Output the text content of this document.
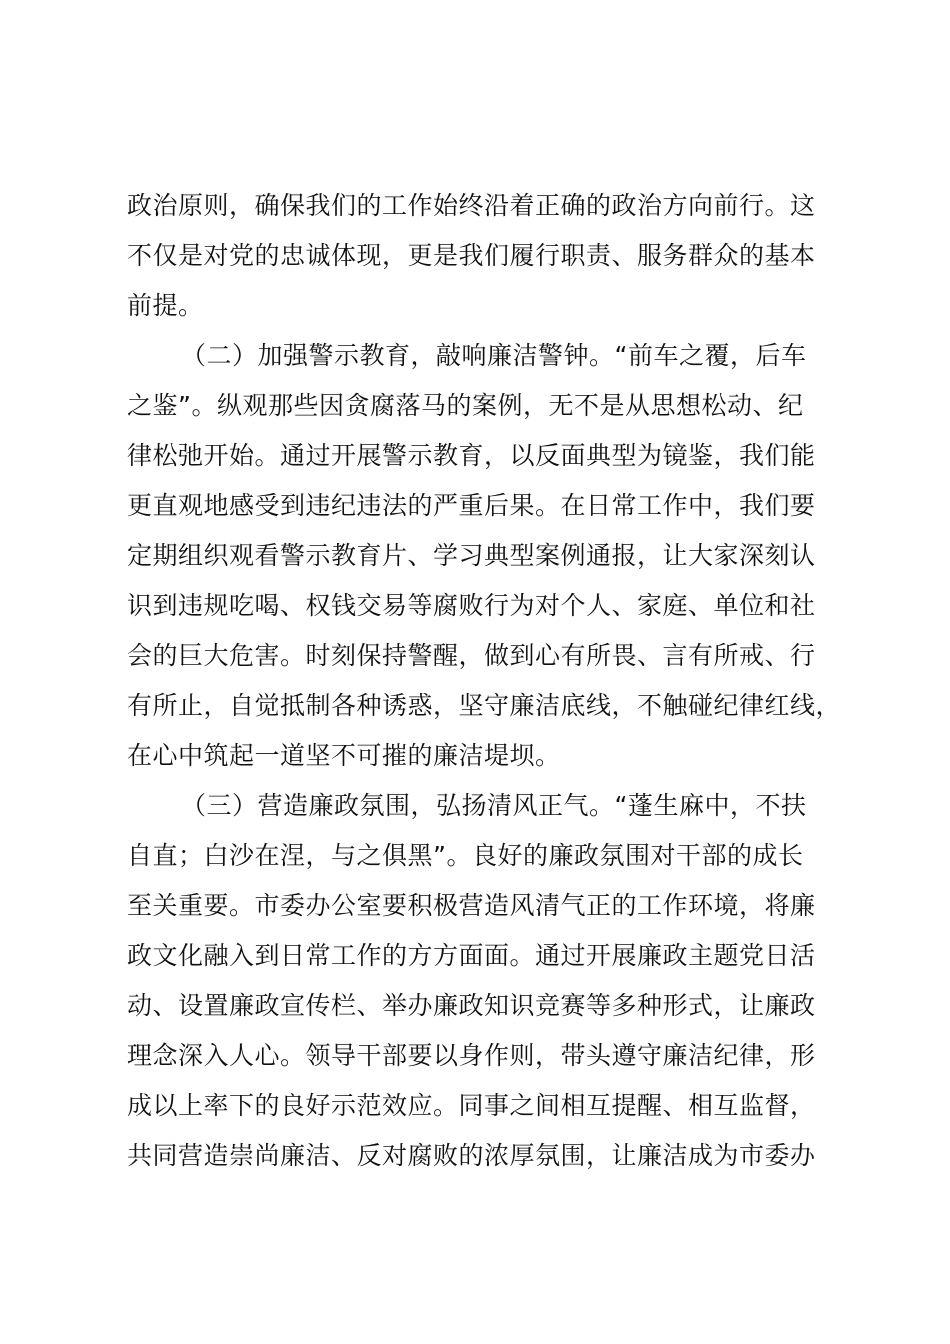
政治原则，确保我们的工作始终沿着正确的政治方向前行。这

不仅是对党的忠诚体现，更是我们履行职责、服务群众的基本

前提。

（二）加强警示教育，敲响廉洁警钟。“前车之覆，后车

之鉴”。纵观那些因贪腐落马的案例，无不是从思想松动、纪

律松弛开始。通过开展警示教育，以反面典型为镜鉴，我们能

更直观地感受到违纪违法的严重后果。在日常工作中，我们要

定期组织观看警示教育片、学习典型案例通报，让大家深刻认

识到违规吃喝、权钱交易等腐败行为对个人、家庭、单位和社

会的巨大危害。时刻保持警醒，做到心有所畏、言有所戒、行

有所止，自觉抵制各种诱惑，坚守廉洁底线，不触碰纪律红线，

在心中筑起一道坚不可摧的廉洁堤坝。

（三）营造廉政氛围，弘扬清风正气。“蓬生麻中，不扶

自直；白沙在涅，与之俱黑”。良好的廉政氛围对干部的成长

至关重要。市委办公室要积极营造风清气正的工作环境，将廉

政文化融入到日常工作的方方面面。通过开展廉政主题党日活

动、设置廉政宣传栏、举办廉政知识竞赛等多种形式，让廉政

理念深入人心。领导干部要以身作则，带头遵守廉洁纪律，形

成以上率下的良好示范效应。同事之间相互提醒、相互监督，

共同营造崇尚廉洁、反对腐败的浓厚氛围，让廉洁成为市委办
